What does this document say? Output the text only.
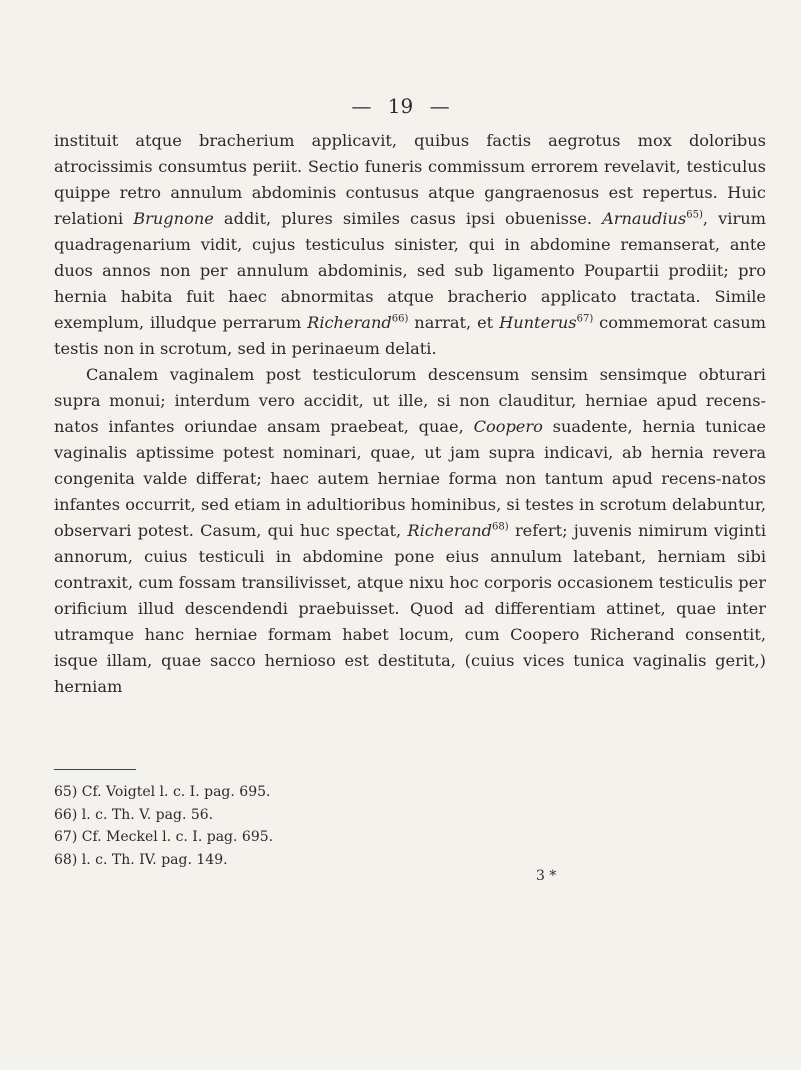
— 19 —

instituit atque bracherium applicavit, quibus factis aegrotus mox doloribus atrocissimis consumtus periit. Sectio funeris commissum errorem revelavit, testiculus quippe retro annulum abdominis contusus atque gangraenosus est repertus. Huic relationi Brugnone addit, plures similes casus ipsi obuenisse. Arnaudius$^{65)}$, virum quadragenarium vidit, cujus testiculus sinister, qui in abdomine remanserat, ante duos annos non per annulum abdominis, sed sub ligamento Poupartii prodiit; pro hernia habita fuit haec abnormitas atque bracherio applicato tractata. Simile exemplum, illudque perrarum Richerand$^{66)}$ narrat, et Hunterus$^{67)}$ commemorat casum testis non in scrotum, sed in perinaeum delati.

Canalem vaginalem post testiculorum descensum sensim sensimque obturari supra monui; interdum vero accidit, ut ille, si non clauditur, herniae apud recens-natos infantes oriundae ansam praebeat, quae, Coopero suadente, hernia tunicae vaginalis aptissime potest nominari, quae, ut jam supra indicavi, ab hernia revera congenita valde differat; haec autem herniae forma non tantum apud recens-natos infantes occurrit, sed etiam in adultioribus hominibus, si testes in scrotum delabuntur, observari potest. Casum, qui huc spectat, Richerand$^{68)}$ refert; juvenis nimirum viginti annorum, cuius testiculi in abdomine pone eius annulum latebant, herniam sibi contraxit, cum fossam transilivisset, atque nixu hoc corporis occasionem testiculis per orificium illud descendendi praebuisset. Quod ad differentiam attinet, quae inter utramque hanc herniae formam habet locum, cum Coopero Richerand consentit, isque illam, quae sacco hernioso est destituta, (cuius vices tunica vaginalis gerit,) herniam

65) Cf. Voigtel l. c. I. pag. 695.
66) l. c. Th. V. pag. 56.
67) Cf. Meckel l. c. I. pag. 695.
68) l. c. Th. IV. pag. 149.
3 *
